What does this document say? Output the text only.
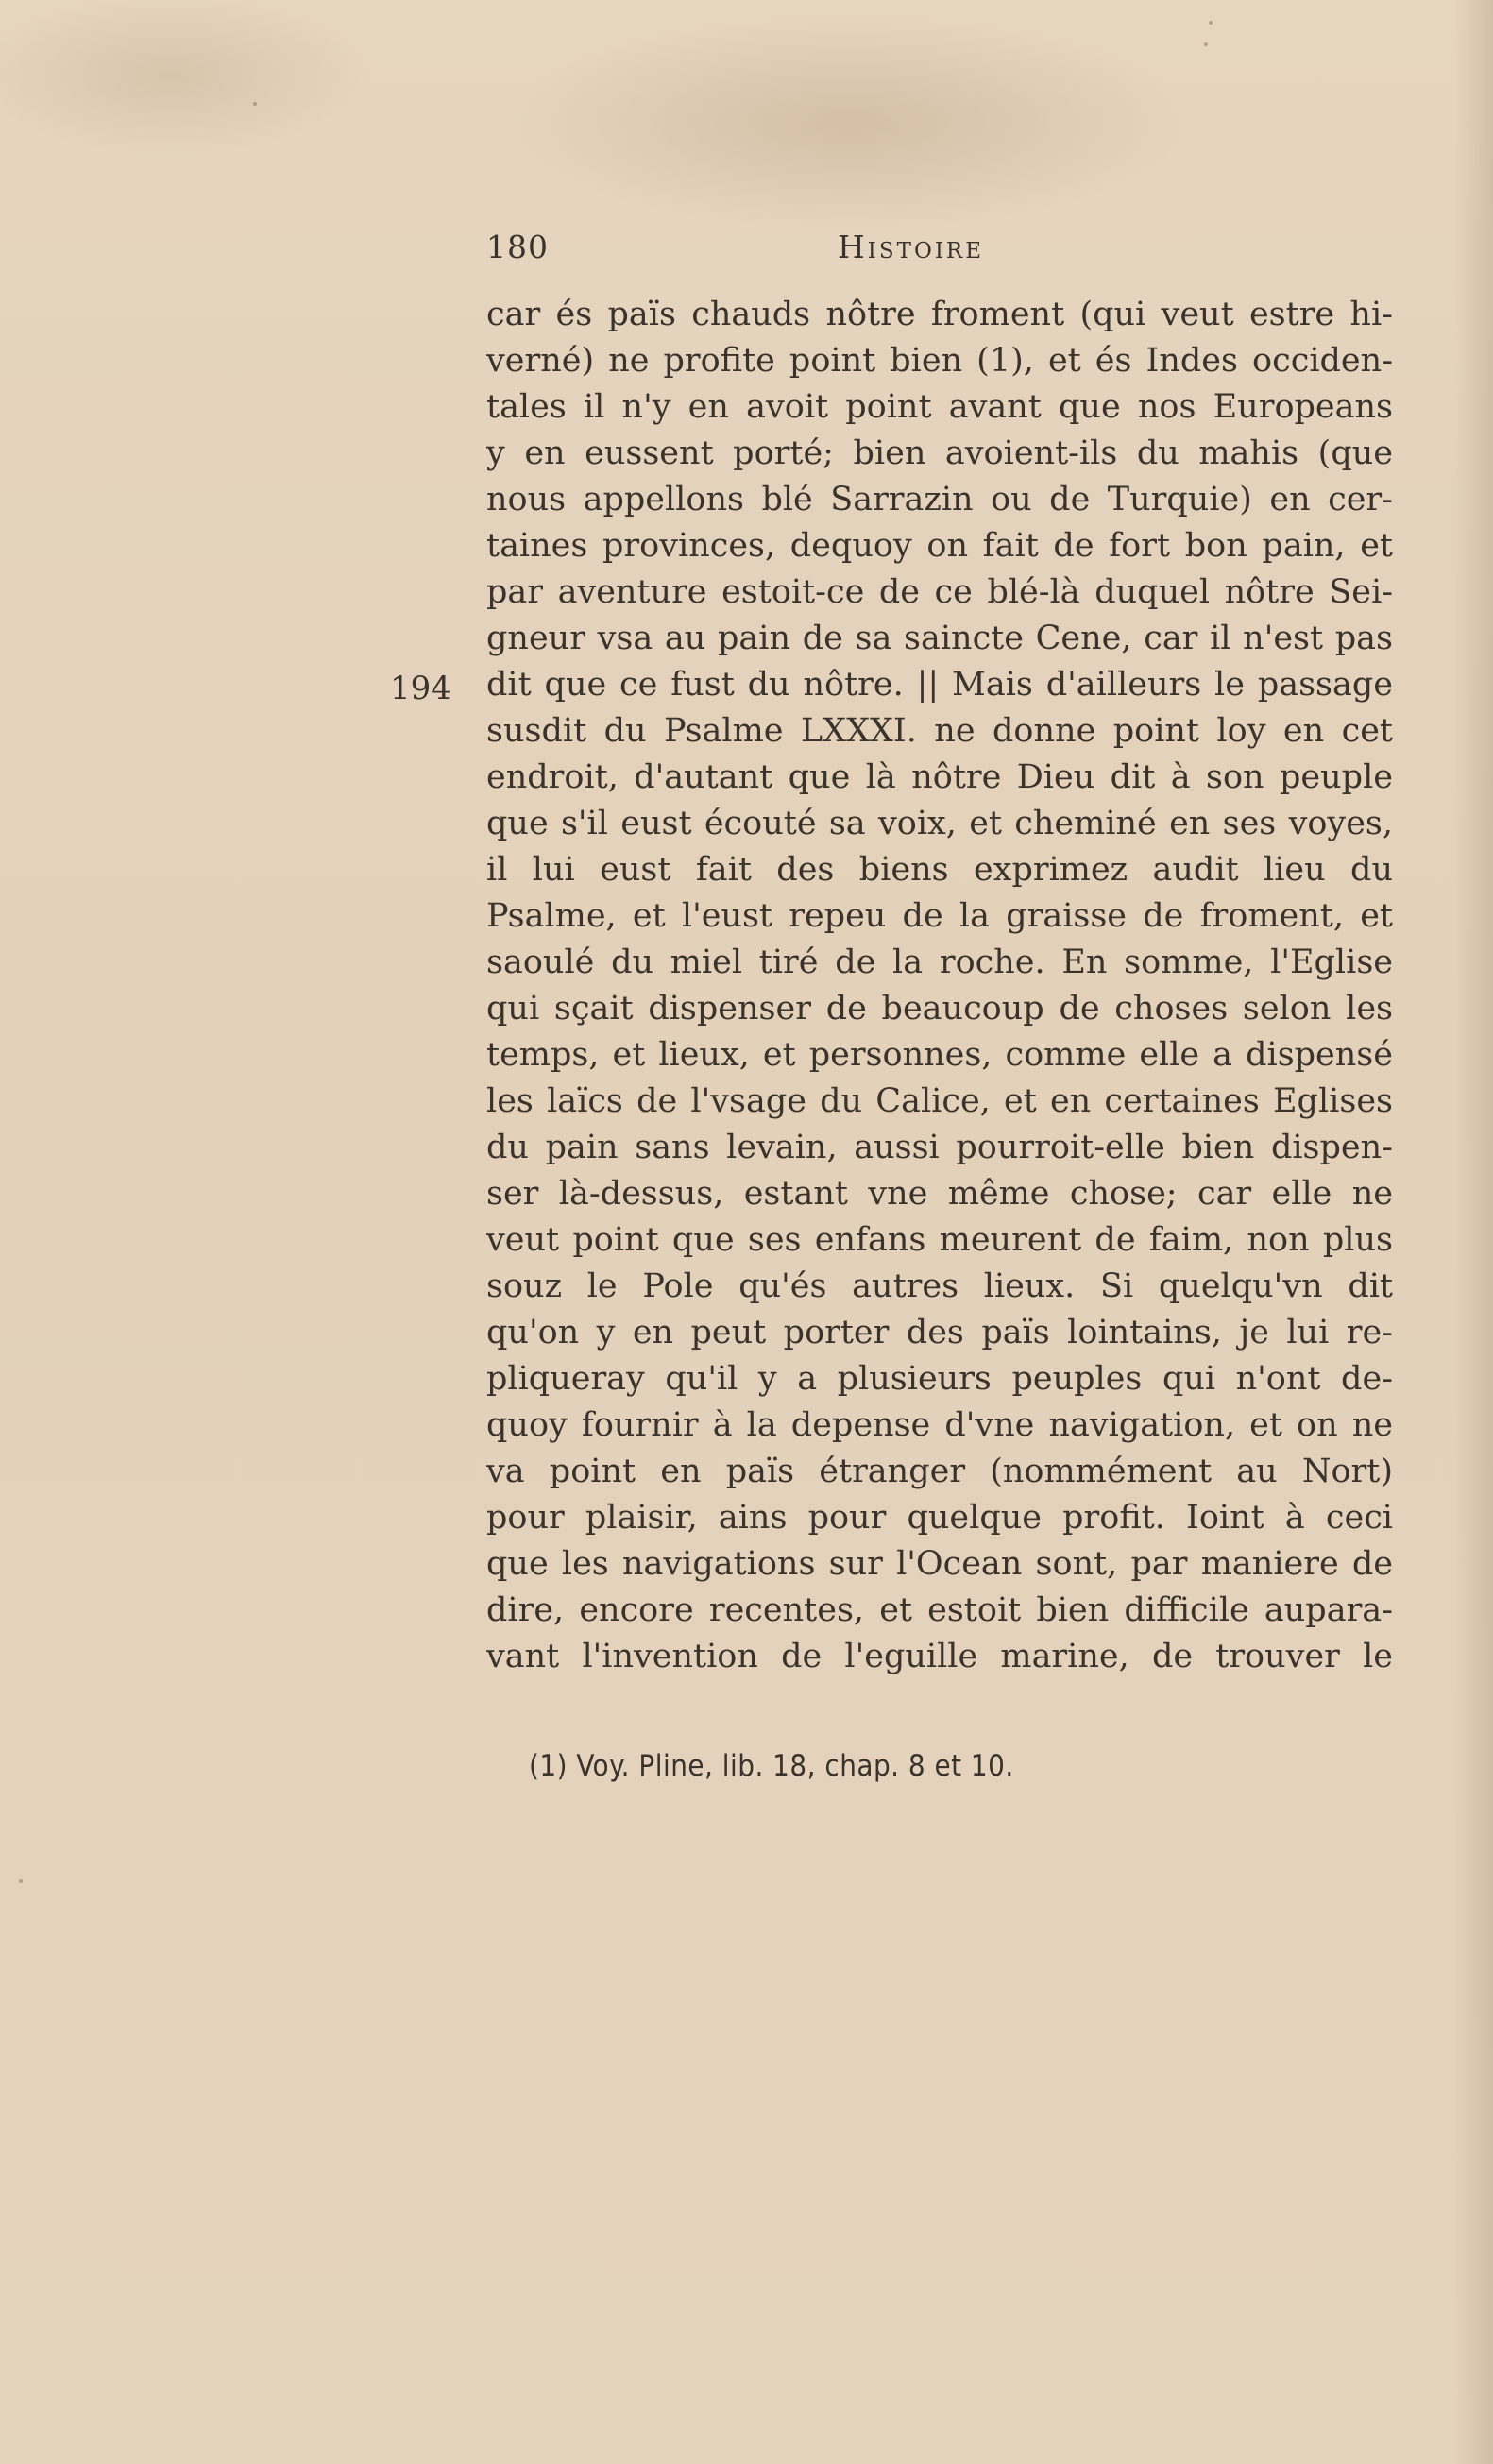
180	Histoire
194
car és païs chauds nôtre froment (qui veut estre hi-
verné) ne profite point bien (1), et és Indes occiden-
tales il n'y en avoit point avant que nos Europeans
y en eussent porté; bien avoient-ils du mahis (que
nous appellons blé Sarrazin ou de Turquie) en cer-
taines provinces, dequoy on fait de fort bon pain, et
par aventure estoit-ce de ce blé-là duquel nôtre Sei-
gneur vsa au pain de sa saincte Cene, car il n'est pas
dit que ce fust du nôtre. || Mais d'ailleurs le passage
susdit du Psalme LXXXI. ne donne point loy en cet
endroit, d'autant que là nôtre Dieu dit à son peuple
que s'il eust écouté sa voix, et cheminé en ses voyes,
il lui eust fait des biens exprimez audit lieu du
Psalme, et l'eust repeu de la graisse de froment, et
saoulé du miel tiré de la roche. En somme, l'Eglise
qui sçait dispenser de beaucoup de choses selon les
temps, et lieux, et personnes, comme elle a dispensé
les laïcs de l'vsage du Calice, et en certaines Eglises
du pain sans levain, aussi pourroit-elle bien dispen-
ser là-dessus, estant vne même chose; car elle ne
veut point que ses enfans meurent de faim, non plus
souz le Pole qu'és autres lieux. Si quelqu'vn dit
qu'on y en peut porter des païs lointains, je lui re-
pliqueray qu'il y a plusieurs peuples qui n'ont de-
quoy fournir à la depense d'vne navigation, et on ne
va point en païs étranger (nommément au Nort)
pour plaisir, ains pour quelque profit. Ioint à ceci
que les navigations sur l'Ocean sont, par maniere de
dire, encore recentes, et estoit bien difficile aupara-
vant l'invention de l'eguille marine, de trouver le
(1) Voy. Pline, lib. 18, chap. 8 et 10.
